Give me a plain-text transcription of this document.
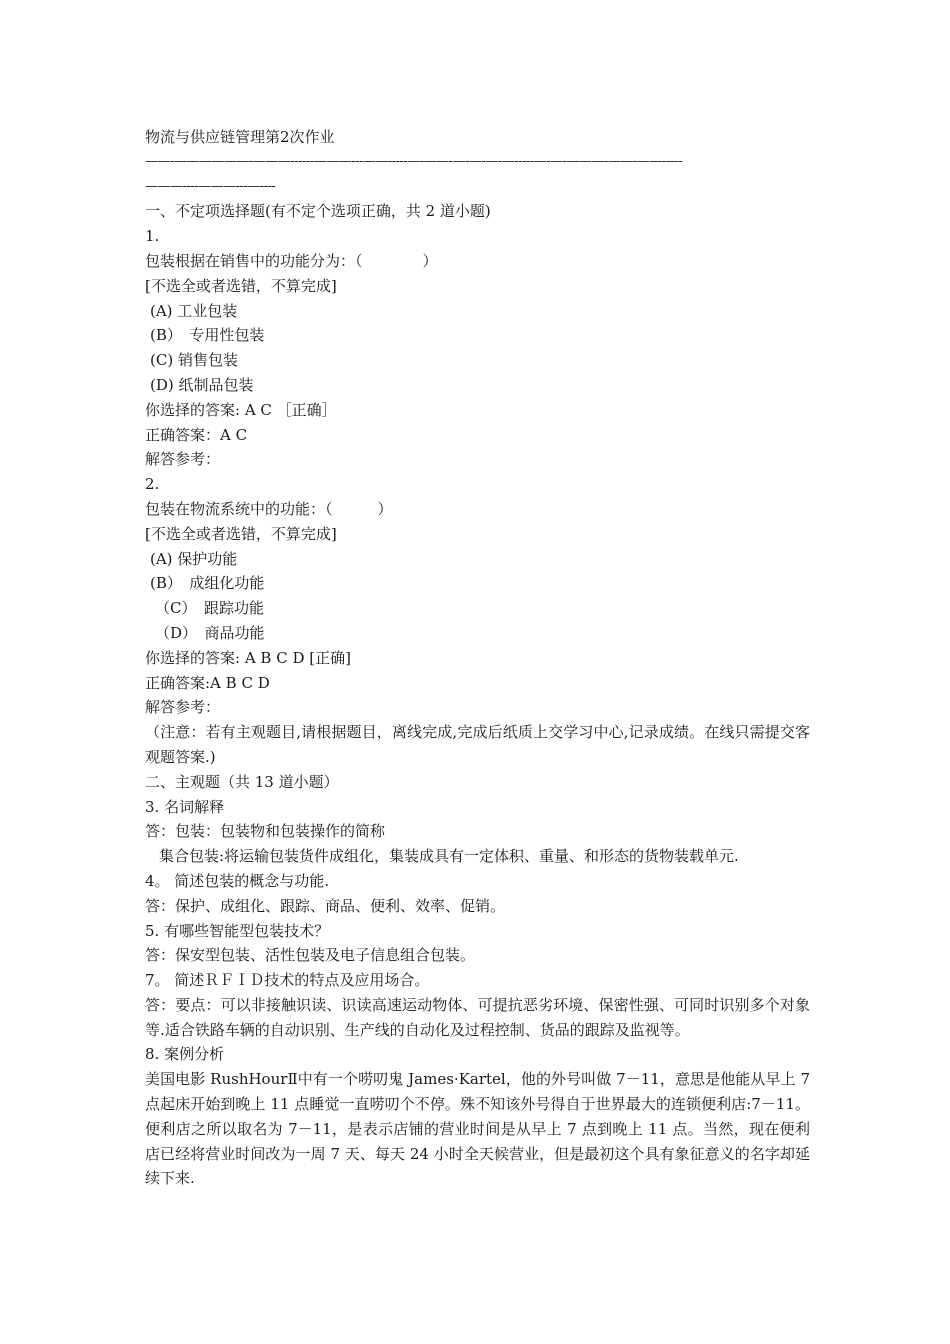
物流与供应链管理第2次作业
——-——————-———------———---——-----—-——-—-—-—-—-----—-—-———-——-——-—-
———----———---—----
一、不定项选择题(有不定个选项正确，共 2 道小题)
1.
包装根据在销售中的功能分为：（　　　　）
[不选全或者选错，不算完成]
(A) 工业包装
(B）　专用性包装
(C) 销售包装
(D) 纸制品包装
你选择的答案: A C ［正确］
正确答案：A C
解答参考：
2.
包装在物流系统中的功能：（　　　）
[不选全或者选错，不算完成]
(A) 保护功能
(B）　成组化功能
（C）　跟踪功能
（D）　商品功能
你选择的答案: A B C D [正确]
正确答案:A B C D
解答参考：
（注意：若有主观题目,请根据题目，离线完成,完成后纸质上交学习中心,记录成绩。在线只需提交客观题答案.)
二、主观题（共 13 道小题）
3. 名词解释
答：包装：包装物和包装操作的简称
集合包装:将运输包装货件成组化，集装成具有一定体积、重量、和形态的货物装载单元.
4。 简述包装的概念与功能.
答：保护、成组化、跟踪、商品、便利、效率、促销。
5. 有哪些智能型包装技术？
答：保安型包装、活性包装及电子信息组合包装。
7。 简述ＲＦＩＤ技术的特点及应用场合。
答：要点：可以非接触识读、识读高速运动物体、可提抗恶劣环境、保密性强、可同时识别多个对象等.适合铁路车辆的自动识别、生产线的自动化及过程控制、货品的跟踪及监视等。
8. 案例分析
美国电影 RushHourⅡ中有一个唠叨鬼 James·Kartel，他的外号叫做 7－11，意思是他能从早上 7 点起床开始到晚上 11 点睡觉一直唠叨个不停。殊不知该外号得自于世界最大的连锁便利店:7－11。便利店之所以取名为 7－11，是表示店铺的营业时间是从早上 7 点到晚上 11 点。当然，现在便利店已经将营业时间改为一周 7 天、每天 24 小时全天候营业，但是最初这个具有象征意义的名字却延续下来.
